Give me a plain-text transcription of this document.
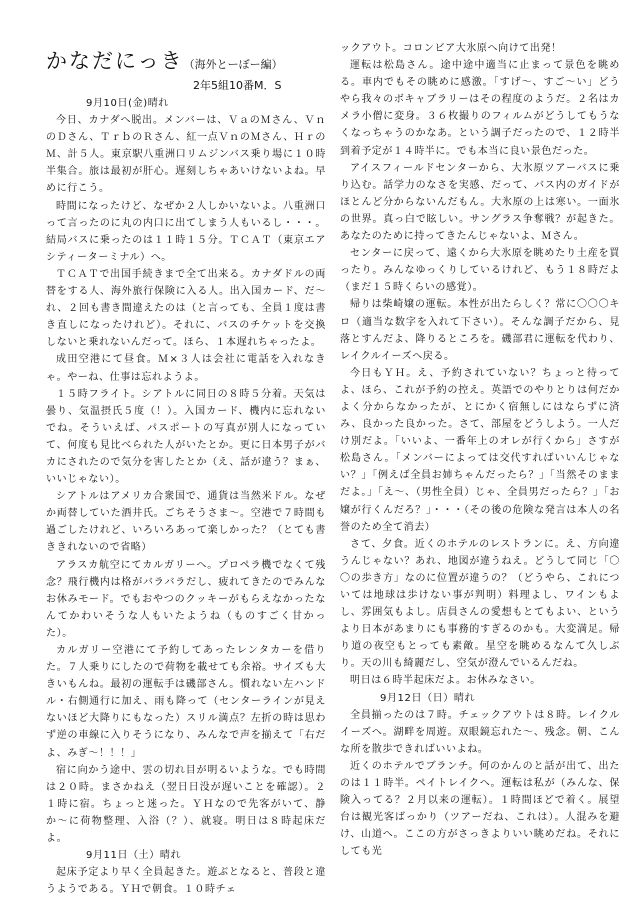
かなだにっき（海外とーぼー編）
2年5組10番M．S

9月10日(金)晴れ

今日、カナダへ脱出。メンバーは、ＶａのＭさん、ＶｎのＤさん、ＴｒｂのＲさん、紅一点ＶｎのＭさん、ＨｒのＭ、計５人。東京駅八重洲口リムジンバス乗り場に１０時半集合。旅は最初が肝心。遅刻しちゃあいけないよね。早めに行こう。

時間になったけど、なぜか２人しかいないよ。八重洲口って言ったのに丸の内口に出てしまう人もいるし・・・。結局バスに乗ったのは１１時１５分。ＴＣＡＴ（東京エアシティーターミナル）へ。

ＴＣＡＴで出国手続きまで全て出来る。カナダドルの両替をする人、海外旅行保険に入る人。出入国カード、だ〜れ、２回も書き間違えたのは（と言っても、全員１度は書き直しになったけれど）。それに、バスのチケットを交換しないと乗れないんだって。ほら、１本遅れちゃったよ。

成田空港にて昼食。Ｍ×３人は会社に電話を入れなきゃ。やーね、仕事は忘れようよ。

１５時フライト。シアトルに同日の８時５分着。天気は曇り、気温摂氏５度（！）。入国カード、機内に忘れないでね。そういえば、パスポートの写真が別人になっていて、何度も見比べられた人がいたとか。更に日本男子がバカにされたので気分を害したとか（え、話が違う？まぁ、いいじゃない）。

シアトルはアメリカ合衆国で、通貨は当然米ドル。なぜか両替していた酒井氏。ごちそうさま〜。空港で７時間も過ごしたけれど、いろいろあって楽しかった？（とても書ききれないので省略）

アラスカ航空にてカルガリーへ。プロペラ機でなくて残念？飛行機内は格がバラバラだし、疲れてきたのでみんなお休みモード。でもおやつのクッキーがもらえなかったなんてかわいそうな人もいたようね（ものすごく甘かった）。

カルガリー空港にて予約してあったレンタカーを借りた。７人乗りにしたので荷物を載せても余裕。サイズも大きいもんね。最初の運転手は磯部さん。慣れない左ハンドル・右側通行に加え、雨も降って（センターラインが見えないほど大降りにもなった）スリル満点？左折の時は思わず逆の車線に入りそうになり、みんなで声を揃えて「右だよ、みぎ〜！！！」

宿に向かう途中、雲の切れ目が明るいような。でも時間は２０時。まさかねえ（翌日日没が遅いことを確認）。２１時に宿。ちょっと迷った。ＹＨなので先客がいて、静か〜に荷物整理、入浴（？）、就寝。明日は８時起床だよ。

9月11日（土）晴れ

起床予定より早く全員起きた。遊ぶとなると、普段と違うようである。ＹＨで朝食。１０時チェ

ックアウト。コロンビア大氷原へ向けて出発！

運転は松島さん。途中途中適当に止まって景色を眺める。車内でもその眺めに感激。「すげ〜、すご〜い」どうやら我々のボキャブラリーはその程度のようだ。２名はカメラ小僧に変身。３６枚撮りのフィルムがどうしてもうなくなっちゃうのかなあ。という調子だったので、１２時半到着予定が１４時半に。でも本当に良い景色だった。

アイスフィールドセンターから、大氷原ツアーバスに乗り込む。話学力のなさを実感、だって、バス内のガイドがほとんど分からないんだもん。大氷原の上は寒い。一面氷の世界。真っ白で眩しい。サングラス争奪戦？が起きた。あなたのために持ってきたんじゃないよ、Ｍさん。

センターに戻って、遠くから大氷原を眺めたり土産を買ったり。みんなゆっくりしているけれど、もう１８時だよ（まだ１５時くらいの感覚）。

帰りは柴崎嬢の運転。本性が出たらしく？常に〇〇〇キロ（適当な数字を入れて下さい）。そんな調子だから、見落とすんだよ、降りるところを。磯部君に運転を代わり、レイクルイーズへ戻る。

今日もＹＨ。え、予約されていない？ちょっと待ってよ、ほら、これが予約の控え。英語でのやりとりは何だかよく分からなかったが、とにかく宿無しにはならずに済み、良かった良かった。さて、部屋をどうしよう。一人だけ別だよ。「いいよ、一番年上のオレが行くから」さすが松島さん。「メンバーによっては交代すればいいんじゃない？」「例えば全員お姉ちゃんだったら？」「当然そのままだよ。」「え〜、（男性全員）じゃ、全員男だったら？」「お嬢が行くんだろ？」・・・（その後の危険な発言は本人の名誉のため全て消去）

さて、夕食。近くのホテルのレストランに。え、方向違うんじゃない？あれ、地図が違うねえ。どうして同じ「〇〇の歩き方」なのに位置が違うの？（どうやら、これについては地球は歩けない事が判明）料理よし、ワインもよし、雰囲気もよし。店員さんの愛想もとてもよい、というより日本があまりにも事務的すぎるのかも。大変満足。帰り道の夜空もとっても素敵。星空を眺めるなんて久しぶり。天の川も綺麗だし、空気が澄んでいるんだね。

明日は６時半起床だよ。お休みなさい。

9月12日（日）晴れ

全員揃ったのは７時。チェックアウトは８時。レイクルイーズへ。湖畔を周遊。双眼鏡忘れた〜、残念。朝、こんな所を散歩できればいいよね。

近くのホテルでブランチ。何のかんのと話が出て、出たのは１１時半。ペイトレイクへ。運転は私が（みんな、保険入ってる？２月以来の運転）。１時間ほどで着く。展望台は観光客ばっかり（ツアーだね、これは）。人混みを避け、山道へ。ここの方がさっきよりいい眺めだね。それにしても光
